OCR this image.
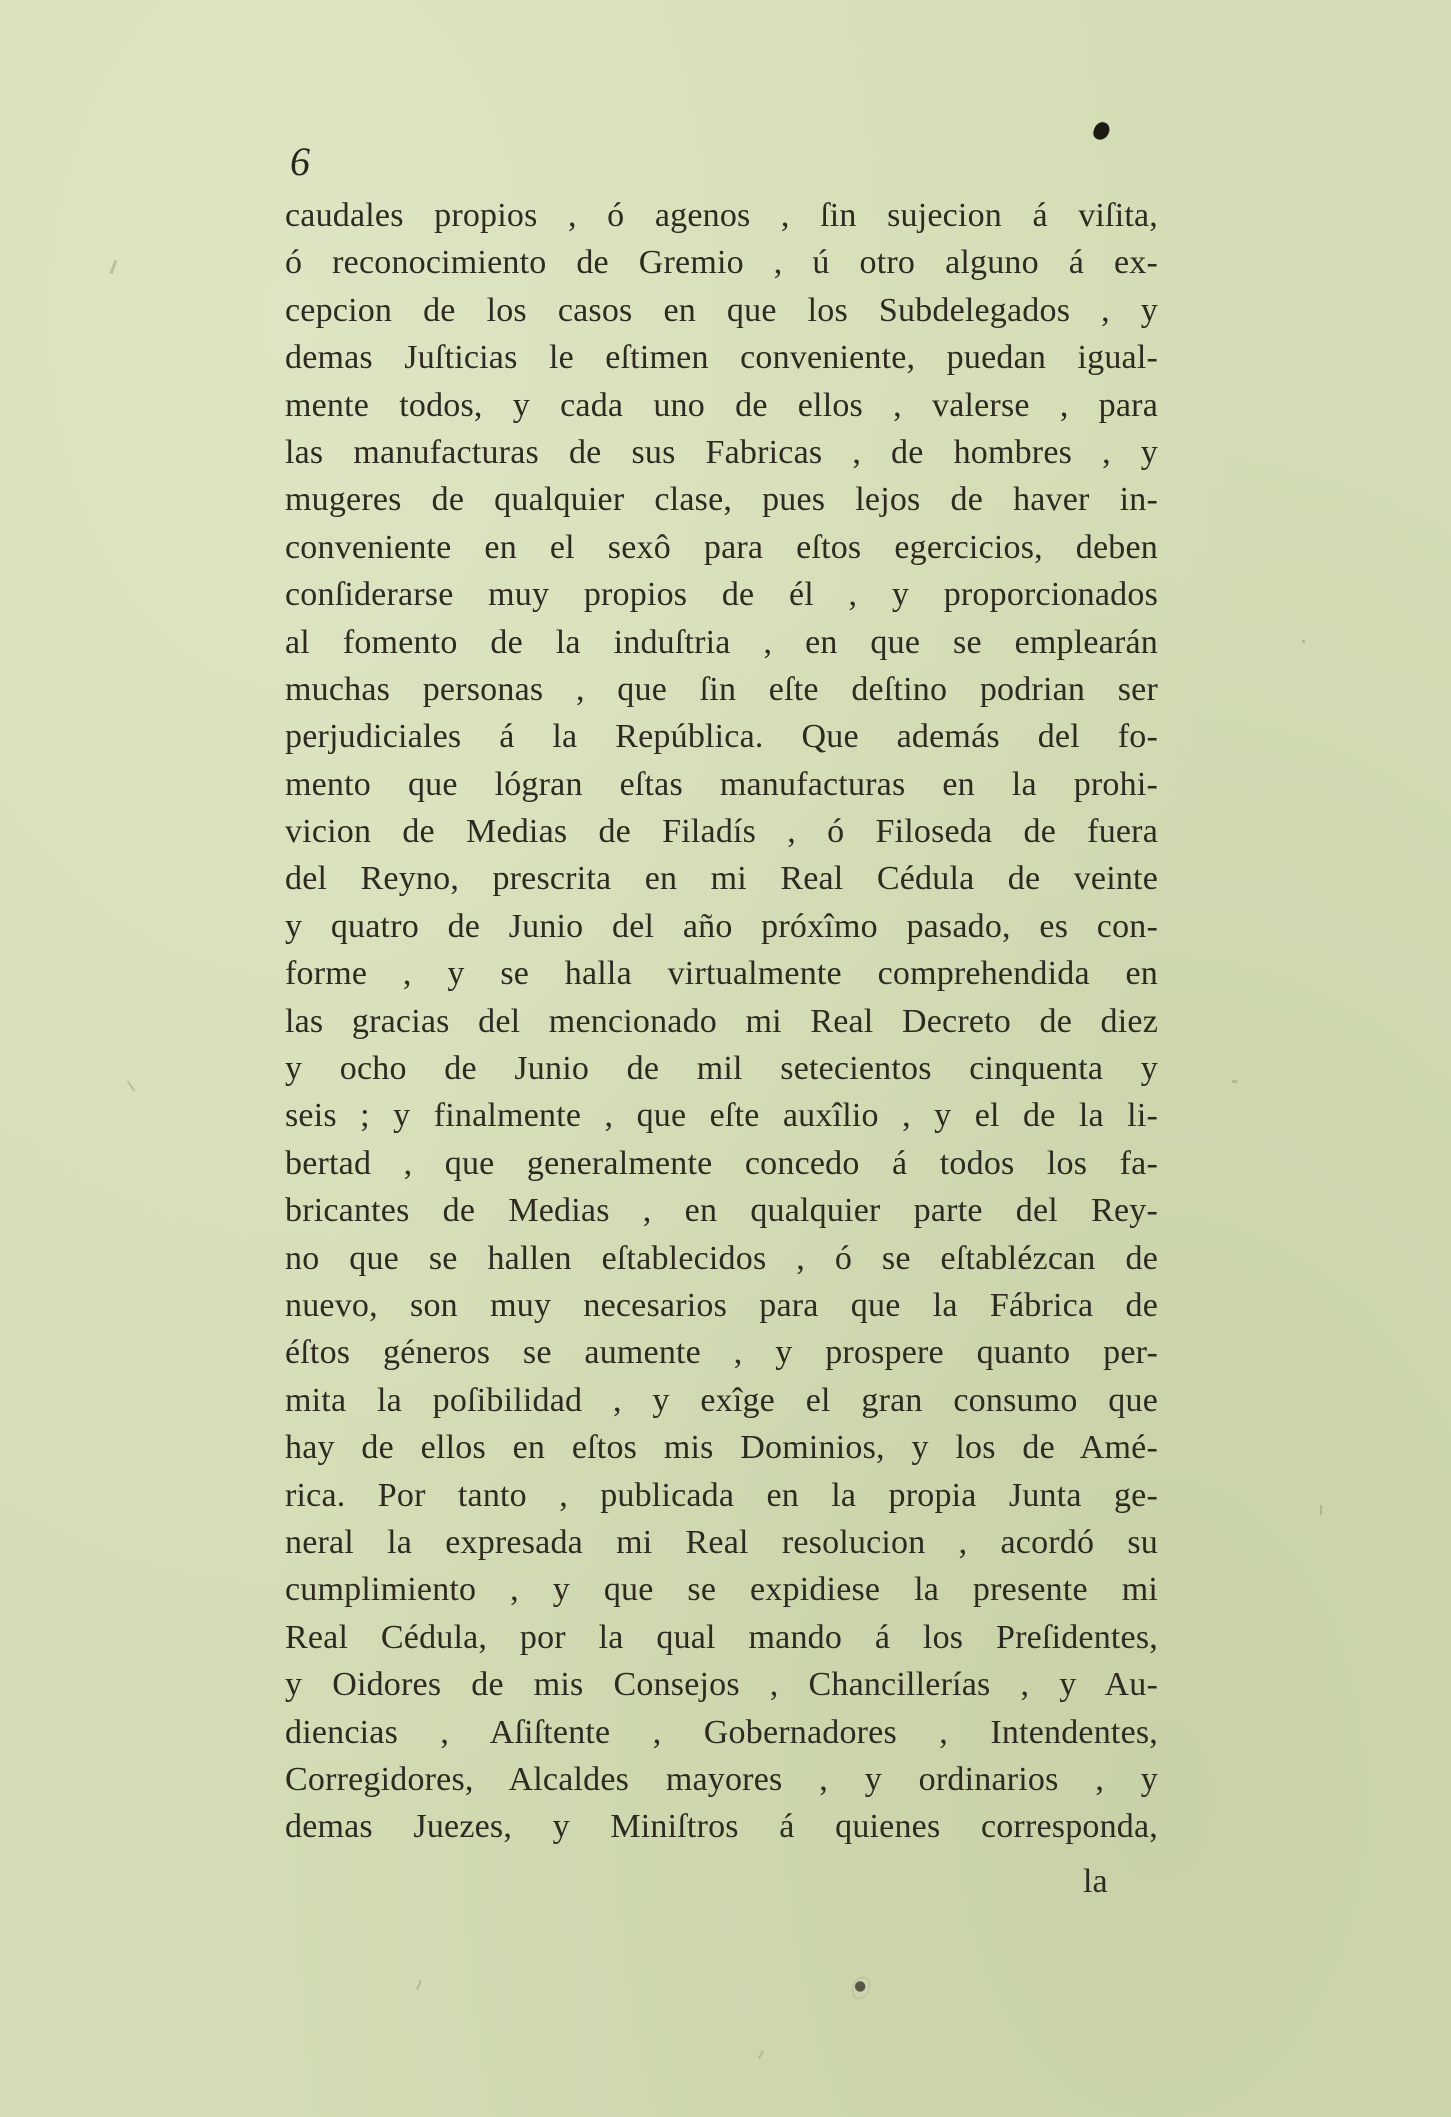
6
caudales propios , ó agenos , ſin sujecion á viſita,
ó reconocimiento de Gremio , ú otro alguno á ex-
cepcion de los casos en que los Subdelegados , y
demas Juſticias le eſtimen conveniente, puedan igual-
mente todos, y cada uno de ellos , valerse , para
las manufacturas de sus Fabricas , de hombres , y
mugeres de qualquier clase, pues lejos de haver in-
conveniente en el sexô para eſtos egercicios, deben
conſiderarse muy propios de él , y proporcionados
al fomento de la induſtria , en que se emplearán
muchas personas , que ſin eſte deſtino podrian ser
perjudiciales á la República. Que además del fo-
mento que lógran eſtas manufacturas en la prohi-
vicion de Medias de Filadís , ó Filoseda de fuera
del Reyno, prescrita en mi Real Cédula de veinte
y quatro de Junio del año próxîmo pasado, es con-
forme , y se halla virtualmente comprehendida en
las gracias del mencionado mi Real Decreto de diez
y ocho de Junio de mil setecientos cinquenta y
seis ; y finalmente , que eſte auxîlio , y el de la li-
bertad , que generalmente concedo á todos los fa-
bricantes de Medias , en qualquier parte del Rey-
no que se hallen eſtablecidos , ó se eſtablézcan de
nuevo, son muy necesarios para que la Fábrica de
éſtos géneros se aumente , y prospere quanto per-
mita la poſibilidad , y exîge el gran consumo que
hay de ellos en eſtos mis Dominios, y los de Amé-
rica. Por tanto , publicada en la propia Junta ge-
neral la expresada mi Real resolucion , acordó su
cumplimiento , y que se expidiese la presente mi
Real Cédula, por la qual mando á los Preſidentes,
y Oidores de mis Consejos , Chancillerías , y Au-
diencias , Aſiſtente , Gobernadores , Intendentes,
Corregidores, Alcaldes mayores , y ordinarios , y
demas Juezes, y Miniſtros á quienes corresponda,
la
